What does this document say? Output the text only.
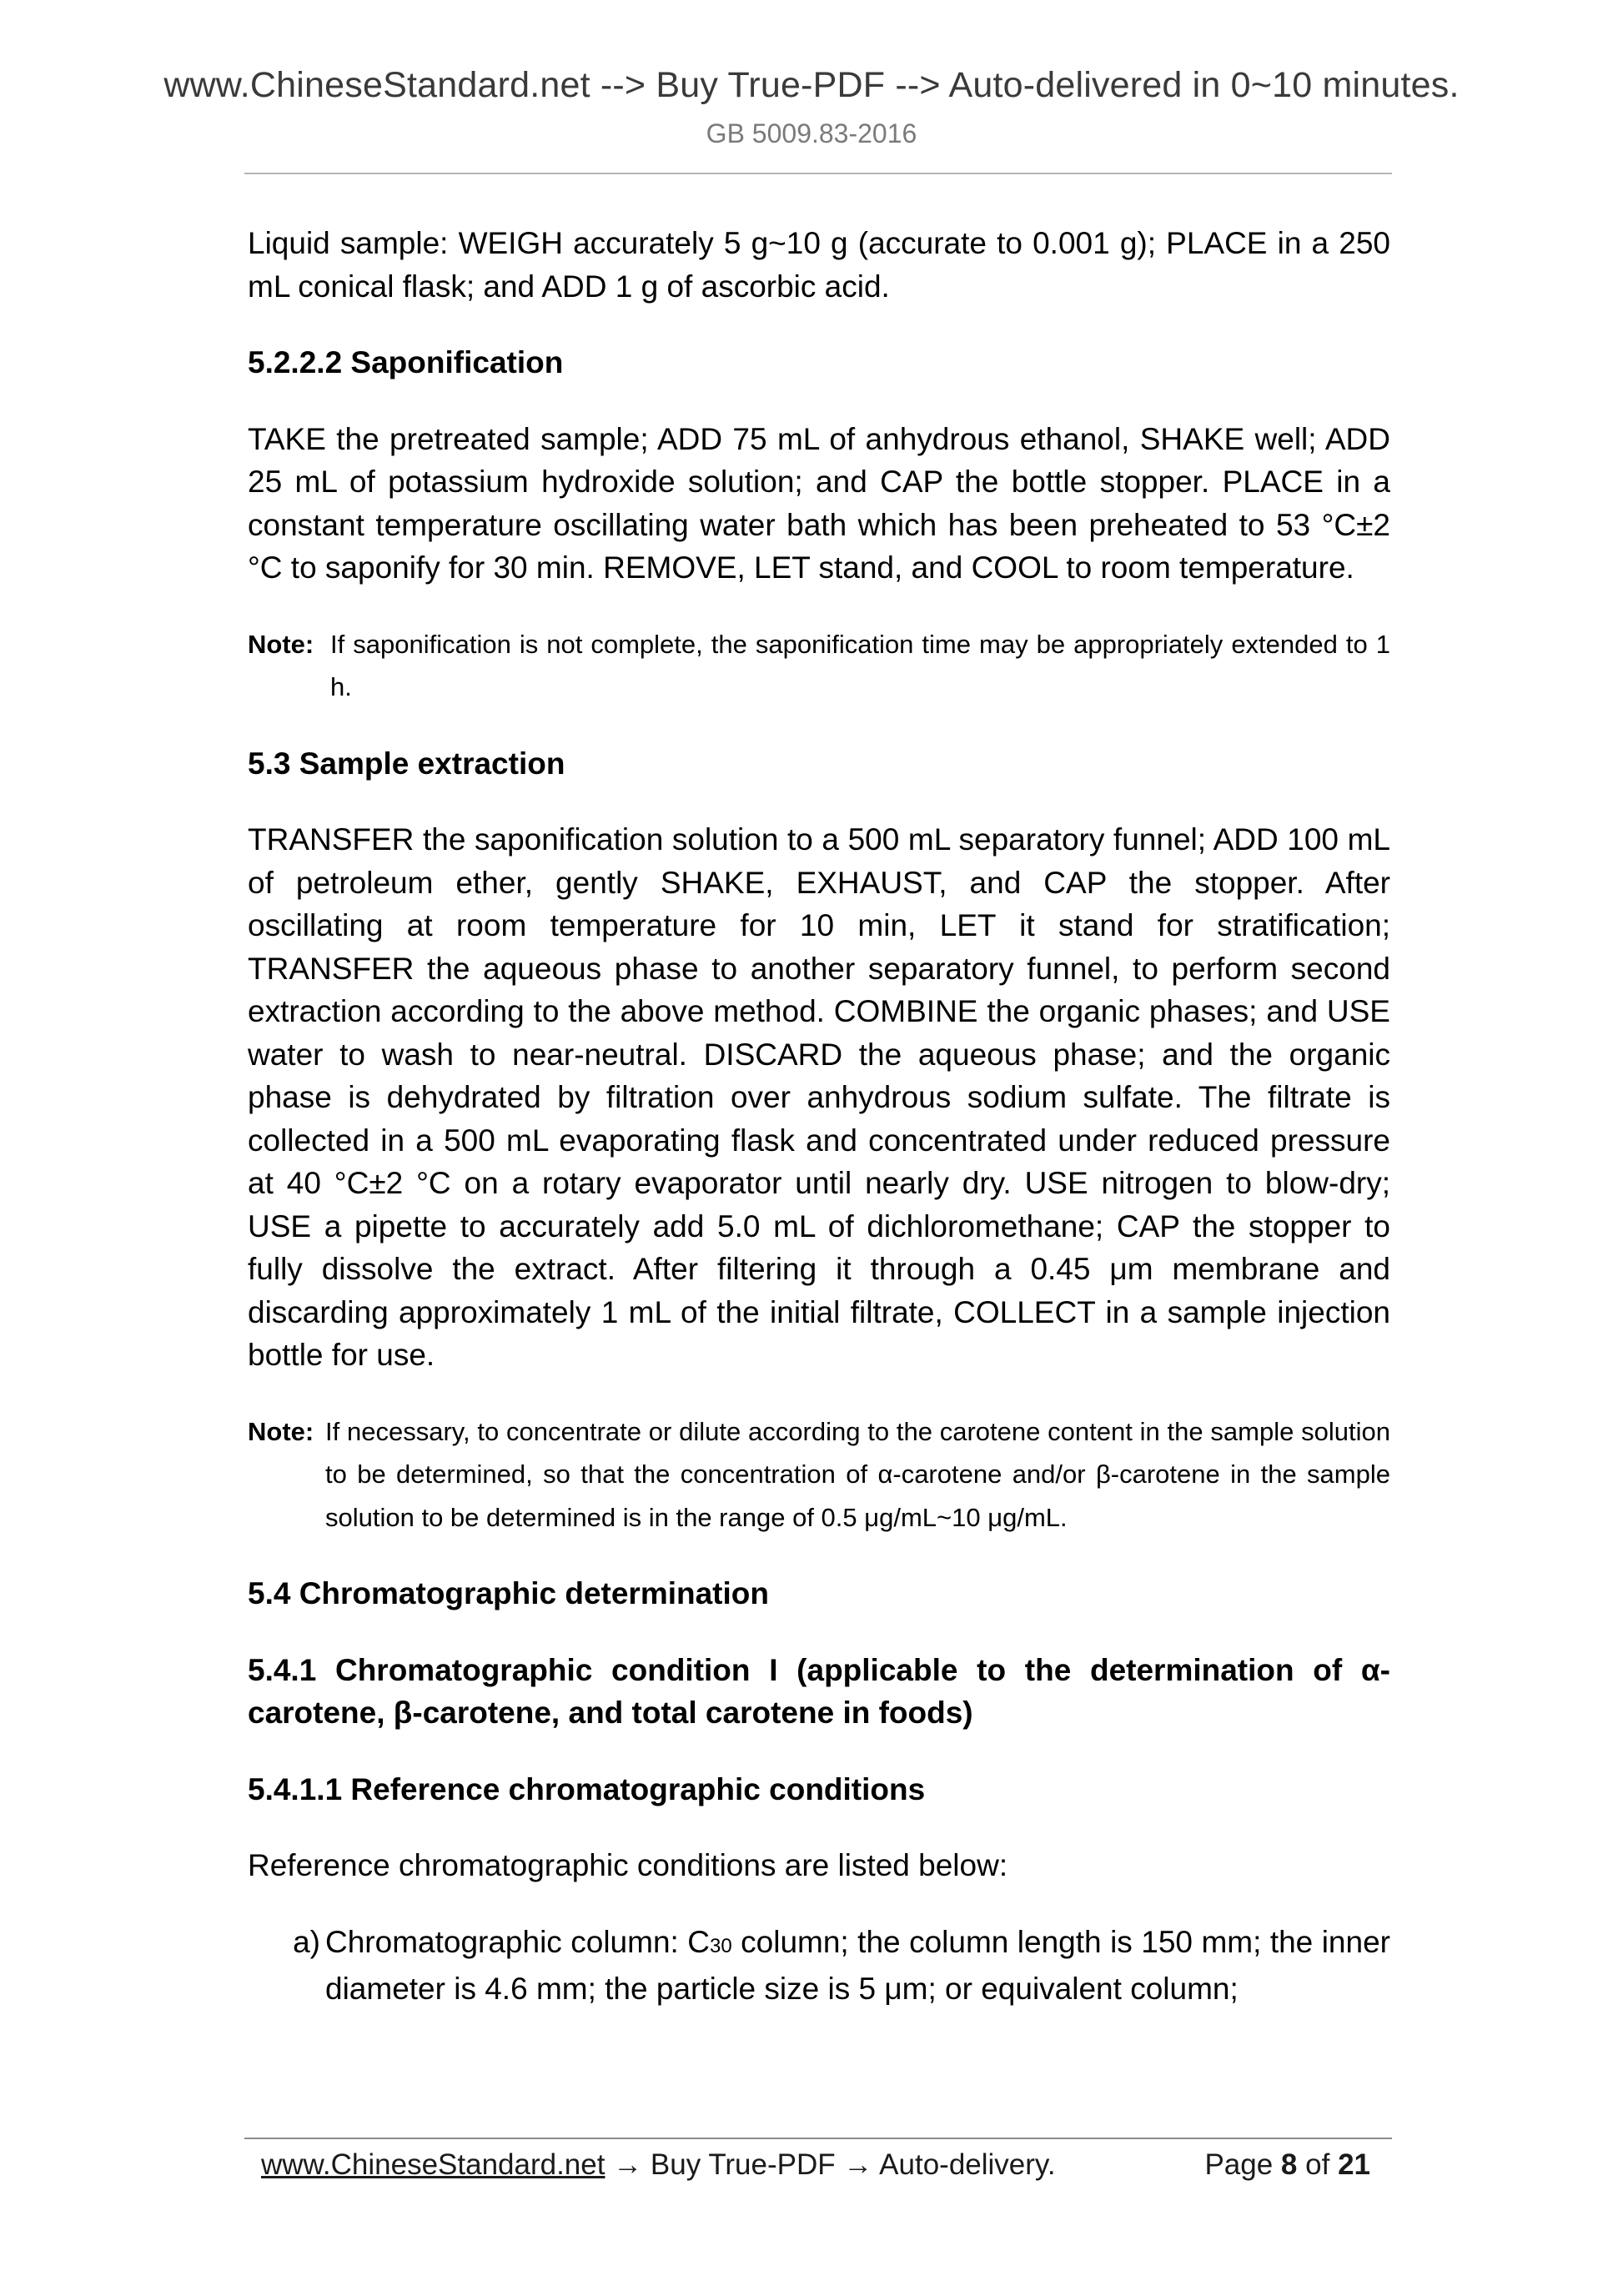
www.ChineseStandard.net --> Buy True-PDF --> Auto-delivered in 0~10 minutes.
GB 5009.83-2016

Liquid sample: WEIGH accurately 5 g~10 g (accurate to 0.001 g); PLACE in a 250 mL conical flask; and ADD 1 g of ascorbic acid.

5.2.2.2 Saponification

TAKE the pretreated sample; ADD 75 mL of anhydrous ethanol, SHAKE well; ADD 25 mL of potassium hydroxide solution; and CAP the bottle stopper. PLACE in a constant temperature oscillating water bath which has been preheated to 53 °C±2 °C to saponify for 30 min. REMOVE, LET stand, and COOL to room temperature.

Note: If saponification is not complete, the saponification time may be appropriately extended to 1 h.

5.3 Sample extraction

TRANSFER the saponification solution to a 500 mL separatory funnel; ADD 100 mL of petroleum ether, gently SHAKE, EXHAUST, and CAP the stopper. After oscillating at room temperature for 10 min, LET it stand for stratification; TRANSFER the aqueous phase to another separatory funnel, to perform second extraction according to the above method. COMBINE the organic phases; and USE water to wash to near-neutral. DISCARD the aqueous phase; and the organic phase is dehydrated by filtration over anhydrous sodium sulfate. The filtrate is collected in a 500 mL evaporating flask and concentrated under reduced pressure at 40 °C±2 °C on a rotary evaporator until nearly dry. USE nitrogen to blow-dry; USE a pipette to accurately add 5.0 mL of dichloromethane; CAP the stopper to fully dissolve the extract. After filtering it through a 0.45 μm membrane and discarding approximately 1 mL of the initial filtrate, COLLECT in a sample injection bottle for use.

Note: If necessary, to concentrate or dilute according to the carotene content in the sample solution to be determined, so that the concentration of α-carotene and/or β-carotene in the sample solution to be determined is in the range of 0.5 μg/mL~10 μg/mL.

5.4 Chromatographic determination

5.4.1 Chromatographic condition I (applicable to the determination of α-carotene, β-carotene, and total carotene in foods)

5.4.1.1 Reference chromatographic conditions

Reference chromatographic conditions are listed below:

a) Chromatographic column: C30 column; the column length is 150 mm; the inner diameter is 4.6 mm; the particle size is 5 μm; or equivalent column;
www.ChineseStandard.net → Buy True-PDF → Auto-delivery.	Page 8 of 21
